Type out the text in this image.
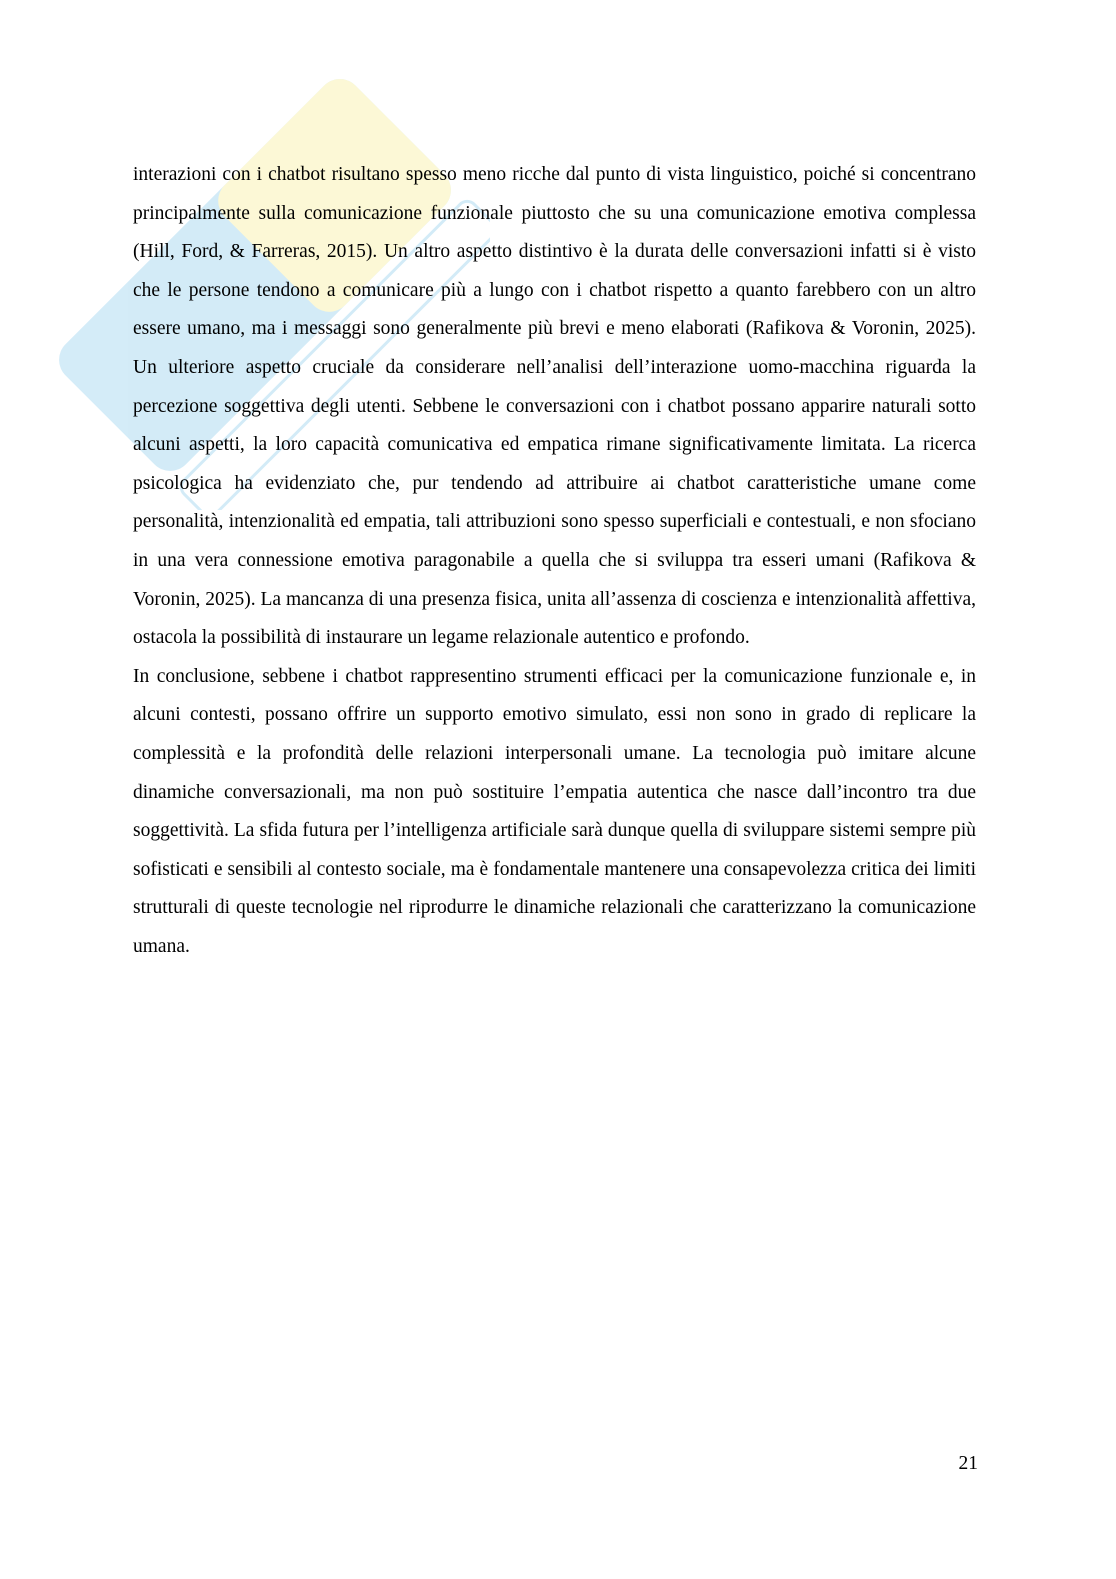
interazioni con i chatbot risultano spesso meno ricche dal punto di vista linguistico, poiché si concentrano principalmente sulla comunicazione funzionale piuttosto che su una comunicazione emotiva complessa (Hill, Ford, & Farreras, 2015). Un altro aspetto distintivo è la durata delle conversazioni infatti si è visto che le persone tendono a comunicare più a lungo con i chatbot rispetto a quanto farebbero con un altro essere umano, ma i messaggi sono generalmente più brevi e meno elaborati (Rafikova & Voronin, 2025). Un ulteriore aspetto cruciale da considerare nell’analisi dell’interazione uomo-macchina riguarda la percezione soggettiva degli utenti. Sebbene le conversazioni con i chatbot possano apparire naturali sotto alcuni aspetti, la loro capacità comunicativa ed empatica rimane significativamente limitata. La ricerca psicologica ha evidenziato che, pur tendendo ad attribuire ai chatbot caratteristiche umane come personalità, intenzionalità ed empatia, tali attribuzioni sono spesso superficiali e contestuali, e non sfociano in una vera connessione emotiva paragonabile a quella che si sviluppa tra esseri umani (Rafikova & Voronin, 2025). La mancanza di una presenza fisica, unita all’assenza di coscienza e intenzionalità affettiva, ostacola la possibilità di instaurare un legame relazionale autentico e profondo.

In conclusione, sebbene i chatbot rappresentino strumenti efficaci per la comunicazione funzionale e, in alcuni contesti, possano offrire un supporto emotivo simulato, essi non sono in grado di replicare la complessità e la profondità delle relazioni interpersonali umane. La tecnologia può imitare alcune dinamiche conversazionali, ma non può sostituire l’empatia autentica che nasce dall’incontro tra due soggettività. La sfida futura per l’intelligenza artificiale sarà dunque quella di sviluppare sistemi sempre più sofisticati e sensibili al contesto sociale, ma è fondamentale mantenere una consapevolezza critica dei limiti strutturali di queste tecnologie nel riprodurre le dinamiche relazionali che caratterizzano la comunicazione umana.

21
